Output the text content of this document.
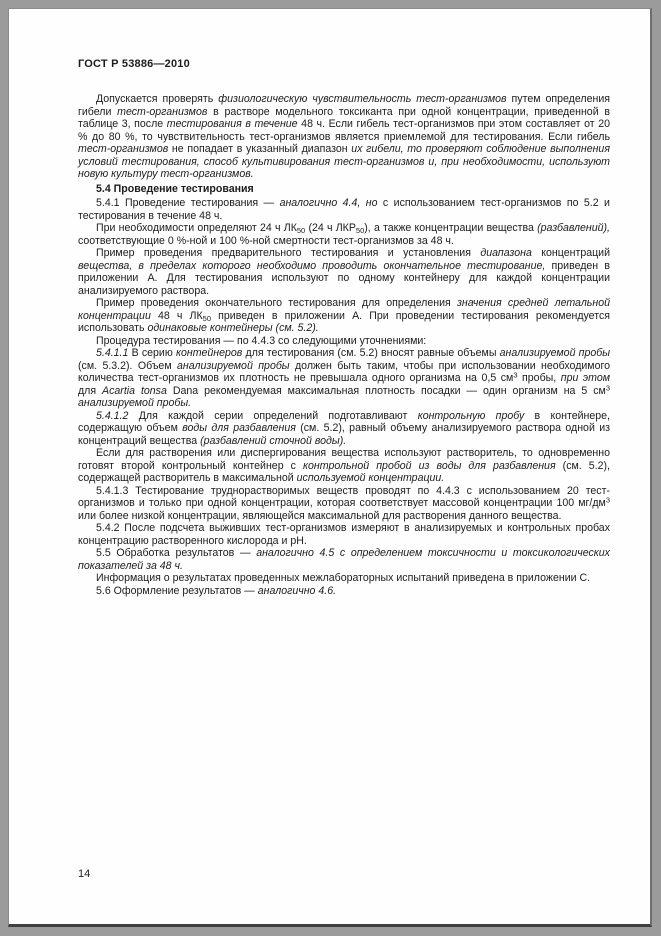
ГОСТ Р 53886—2010

Допускается проверять физиологическую чувствительность тест-организмов путем определения гибели тест-организмов в растворе модельного токсиканта при одной концентрации, приведенной в таблице 3, после тестирования в течение 48 ч. Если гибель тест-организмов при этом составляет от 20 % до 80 %, то чувствительность тест-организмов является приемлемой для тестирования. Если гибель тест-организмов не попадает в указанный диапазон их гибели, то проверяют соблюдение выполнения условий тестирования, способ культивирования тест-организмов и, при необходимости, используют новую культуру тест-организмов.

5.4 Проведение тестирования

5.4.1 Проведение тестирования — аналогично 4.4, но с использованием тест-организмов по 5.2 и тестирования в течение 48 ч.

При необходимости определяют 24 ч $ЛК_{50}$ (24 ч $ЛКР_{50}$), а также концентрации вещества (разбавлений), соответствующие 0 %-ной и 100 %-ной смертности тест-организмов за 48 ч.

Пример проведения предварительного тестирования и установления диапазона концентраций вещества, в пределах которого необходимо проводить окончательное тестирование, приведен в приложении А. Для тестирования используют по одному контейнеру для каждой концентрации анализируемого раствора.

Пример проведения окончательного тестирования для определения значения средней летальной концентрации 48 ч $ЛК_{50}$ приведен в приложении А. При проведении тестирования рекомендуется использовать одинаковые контейнеры (см. 5.2).

Процедура тестирования — по 4.4.3 со следующими уточнениями:

5.4.1.1 В серию контейнеров для тестирования (см. 5.2) вносят равные объемы анализируемой пробы (см. 5.3.2). Объем анализируемой пробы должен быть таким, чтобы при использовании необходимого количества тест-организмов их плотность не превышала одного организма на 0,5 $см^3$ пробы, при этом для Acartia tonsa Dana рекомендуемая максимальная плотность посадки — один организм на 5 $см^3$ анализируемой пробы.

5.4.1.2 Для каждой серии определений подготавливают контрольную пробу в контейнере, содержащую объем воды для разбавления (см. 5.2), равный объему анализируемого раствора одной из концентраций вещества (разбавлений сточной воды).

Если для растворения или диспергирования вещества используют растворитель, то одновременно готовят второй контрольный контейнер с контрольной пробой из воды для разбавления (см. 5.2), содержащей растворитель в максимальной используемой концентрации.

5.4.1.3 Тестирование труднорастворимых веществ проводят по 4.4.3 с использованием 20 тест-организмов и только при одной концентрации, которая соответствует массовой концентрации 100 $мг/дм^3$ или более низкой концентрации, являющейся максимальной для растворения данного вещества.

5.4.2 После подсчета выживших тест-организмов измеряют в анализируемых и контрольных пробах концентрацию растворенного кислорода и pH.

5.5 Обработка результатов — аналогично 4.5 с определением токсичности и токсикологических показателей за 48 ч.

Информация о результатах проведенных межлабораторных испытаний приведена в приложении С.

5.6 Оформление результатов — аналогично 4.6.

14
